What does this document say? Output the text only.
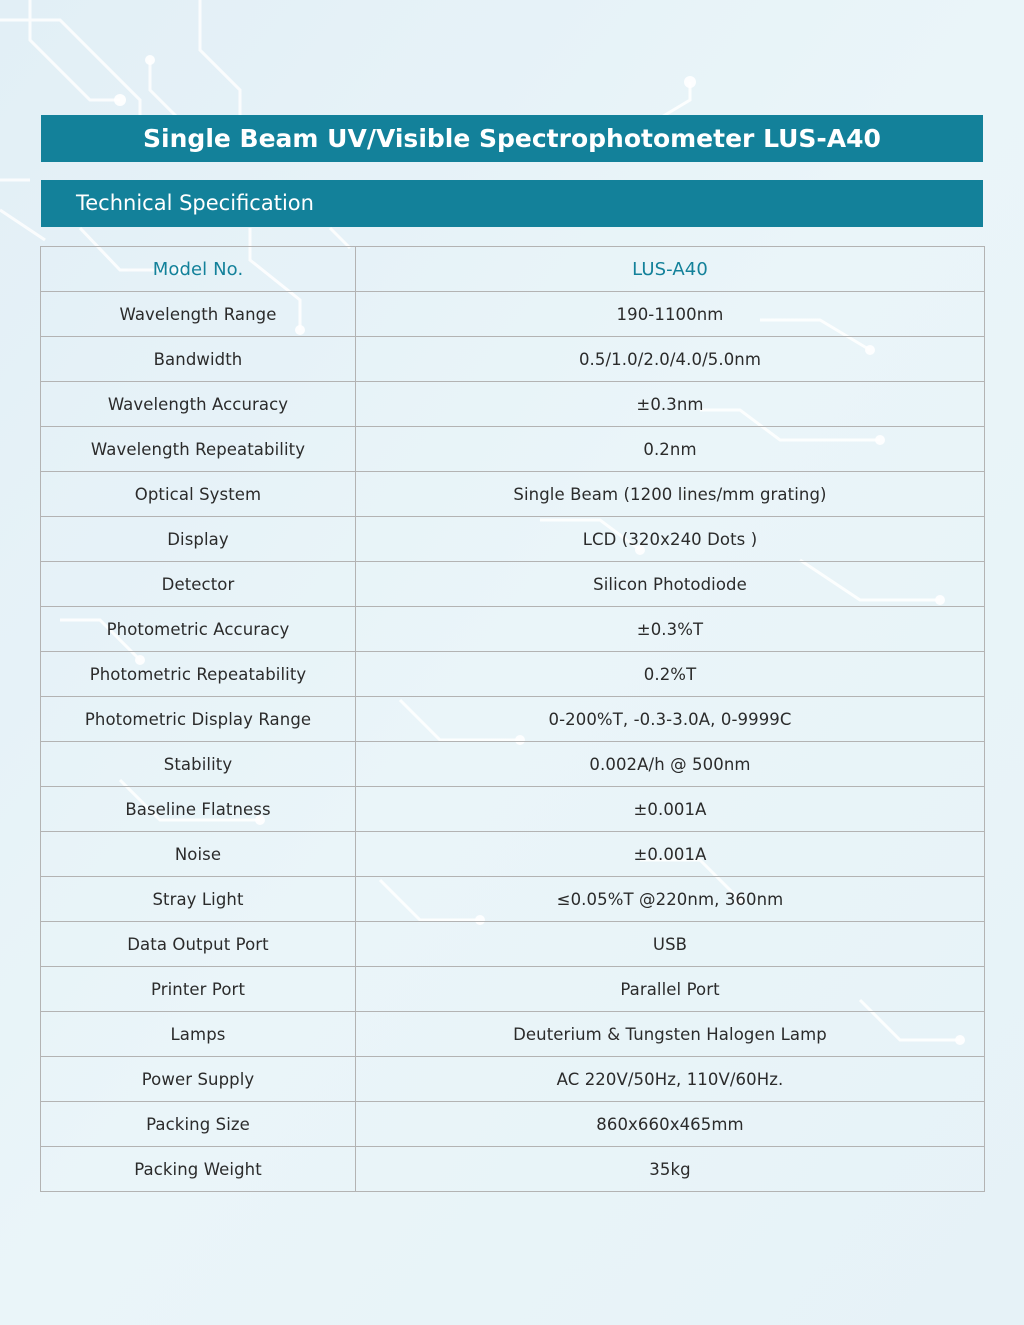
Single Beam UV/Visible Spectrophotometer LUS-A40
Technical Specification
Model No.	LUS-A40
Wavelength Range	190-1100nm
Bandwidth	0.5/1.0/2.0/4.0/5.0nm
Wavelength Accuracy	±0.3nm
Wavelength Repeatability	0.2nm
Optical System	Single Beam (1200 lines/mm grating)
Display	LCD (320x240 Dots )
Detector	Silicon Photodiode
Photometric Accuracy	±0.3%T
Photometric Repeatability	0.2%T
Photometric Display Range	0-200%T, -0.3-3.0A, 0-9999C
Stability	0.002A/h @ 500nm
Baseline Flatness	±0.001A
Noise	±0.001A
Stray Light	≤0.05%T @220nm, 360nm
Data Output Port	USB
Printer Port	Parallel Port
Lamps	Deuterium & Tungsten Halogen Lamp
Power Supply	AC 220V/50Hz, 110V/60Hz.
Packing Size	860x660x465mm
Packing Weight	35kg
